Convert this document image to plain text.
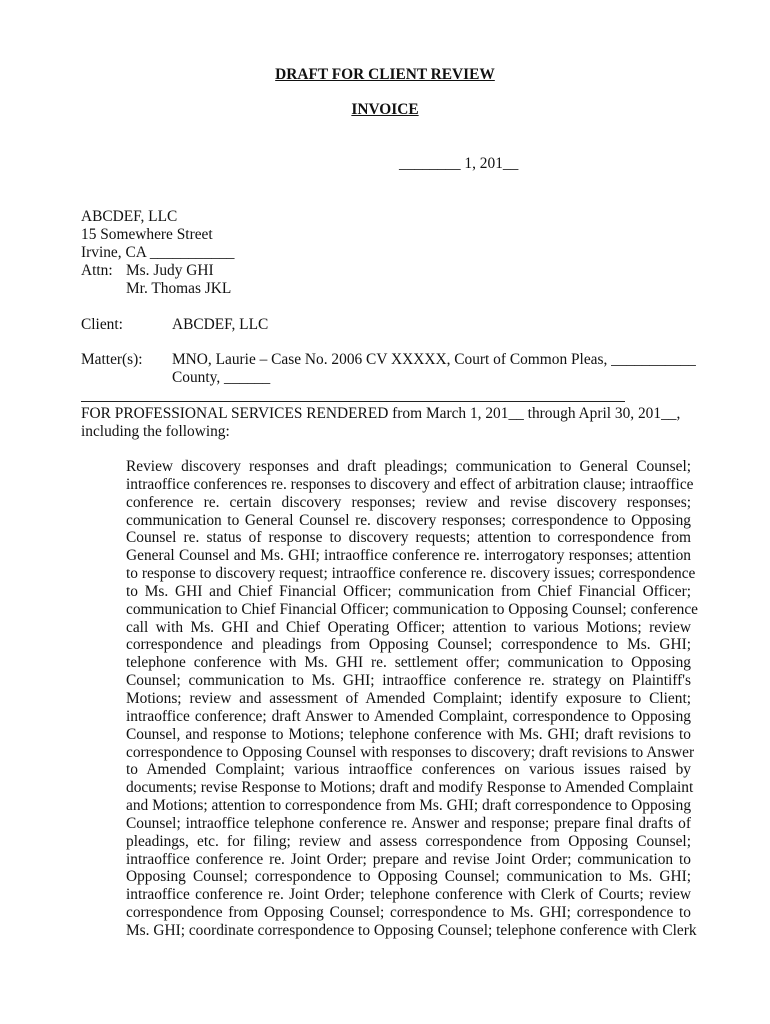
DRAFT FOR CLIENT REVIEW
INVOICE
________ 1, 201__
ABCDEF, LLC
15 Somewhere Street
Irvine, CA ___________
Attn: Ms. Judy GHI
Mr. Thomas JKL
Client:	ABCDEF, LLC
Matter(s): MNO, Laurie – Case No. 2006 CV XXXXX, Court of Common Pleas, ___________
County, ______
FOR PROFESSIONAL SERVICES RENDERED from March 1, 201__ through April 30, 201__,
including the following:
Review discovery responses and draft pleadings; communication to General Counsel;
intraoffice conferences re. responses to discovery and effect of arbitration clause; intraoffice
conference re. certain discovery responses; review and revise discovery responses;
communication to General Counsel re. discovery responses; correspondence to Opposing
Counsel re. status of response to discovery requests; attention to correspondence from
General Counsel and Ms. GHI; intraoffice conference re. interrogatory responses; attention
to response to discovery request; intraoffice conference re. discovery issues; correspondence
to Ms. GHI and Chief Financial Officer; communication from Chief Financial Officer;
communication to Chief Financial Officer; communication to Opposing Counsel; conference
call with Ms. GHI and Chief Operating Officer; attention to various Motions; review
correspondence and pleadings from Opposing Counsel; correspondence to Ms. GHI;
telephone conference with Ms. GHI re. settlement offer; communication to Opposing
Counsel; communication to Ms. GHI; intraoffice conference re. strategy on Plaintiff's
Motions; review and assessment of Amended Complaint; identify exposure to Client;
intraoffice conference; draft Answer to Amended Complaint, correspondence to Opposing
Counsel, and response to Motions; telephone conference with Ms. GHI; draft revisions to
correspondence to Opposing Counsel with responses to discovery; draft revisions to Answer
to Amended Complaint; various intraoffice conferences on various issues raised by
documents; revise Response to Motions; draft and modify Response to Amended Complaint
and Motions; attention to correspondence from Ms. GHI; draft correspondence to Opposing
Counsel; intraoffice telephone conference re. Answer and response; prepare final drafts of
pleadings, etc. for filing; review and assess correspondence from Opposing Counsel;
intraoffice conference re. Joint Order; prepare and revise Joint Order; communication to
Opposing Counsel; correspondence to Opposing Counsel; communication to Ms. GHI;
intraoffice conference re. Joint Order; telephone conference with Clerk of Courts; review
correspondence from Opposing Counsel; correspondence to Ms. GHI; correspondence to
Ms. GHI; coordinate correspondence to Opposing Counsel; telephone conference with Clerk
